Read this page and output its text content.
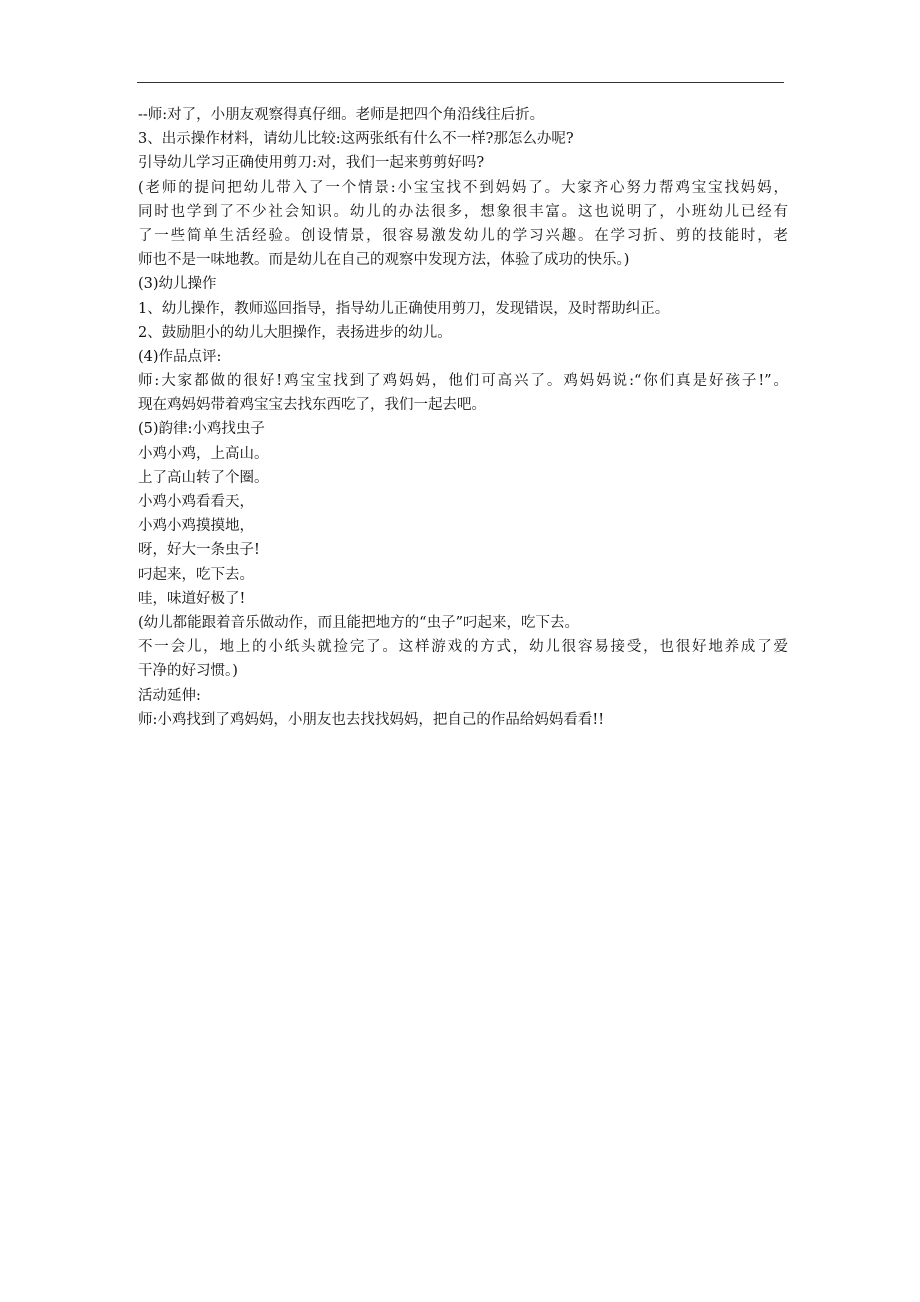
--师:对了，小朋友观察得真仔细。老师是把四个角沿线往后折。
3、出示操作材料，请幼儿比较:这两张纸有什么不一样?那怎么办呢?
引导幼儿学习正确使用剪刀:对，我们一起来剪剪好吗?
(老师的提问把幼儿带入了一个情景:小宝宝找不到妈妈了。大家齐心努力帮鸡宝宝找妈妈，
同时也学到了不少社会知识。幼儿的办法很多，想象很丰富。这也说明了，小班幼儿已经有
了一些简单生活经验。创设情景，很容易激发幼儿的学习兴趣。在学习折、剪的技能时，老
师也不是一味地教。而是幼儿在自己的观察中发现方法，体验了成功的快乐。)
(3)幼儿操作
1、幼儿操作，教师巡回指导，指导幼儿正确使用剪刀，发现错误，及时帮助纠正。
2、鼓励胆小的幼儿大胆操作，表扬进步的幼儿。
(4)作品点评:
师:大家都做的很好!鸡宝宝找到了鸡妈妈，他们可高兴了。鸡妈妈说:“你们真是好孩子!”。
现在鸡妈妈带着鸡宝宝去找东西吃了，我们一起去吧。
(5)韵律:小鸡找虫子
小鸡小鸡，上高山。
上了高山转了个圈。
小鸡小鸡看看天，
小鸡小鸡摸摸地，
呀，好大一条虫子!
叼起来，吃下去。
哇，味道好极了!
(幼儿都能跟着音乐做动作，而且能把地方的“虫子”叼起来，吃下去。
不一会儿，地上的小纸头就捡完了。这样游戏的方式，幼儿很容易接受，也很好地养成了爱
干净的好习惯。)
活动延伸:
师:小鸡找到了鸡妈妈，小朋友也去找找妈妈，把自己的作品给妈妈看看!!
